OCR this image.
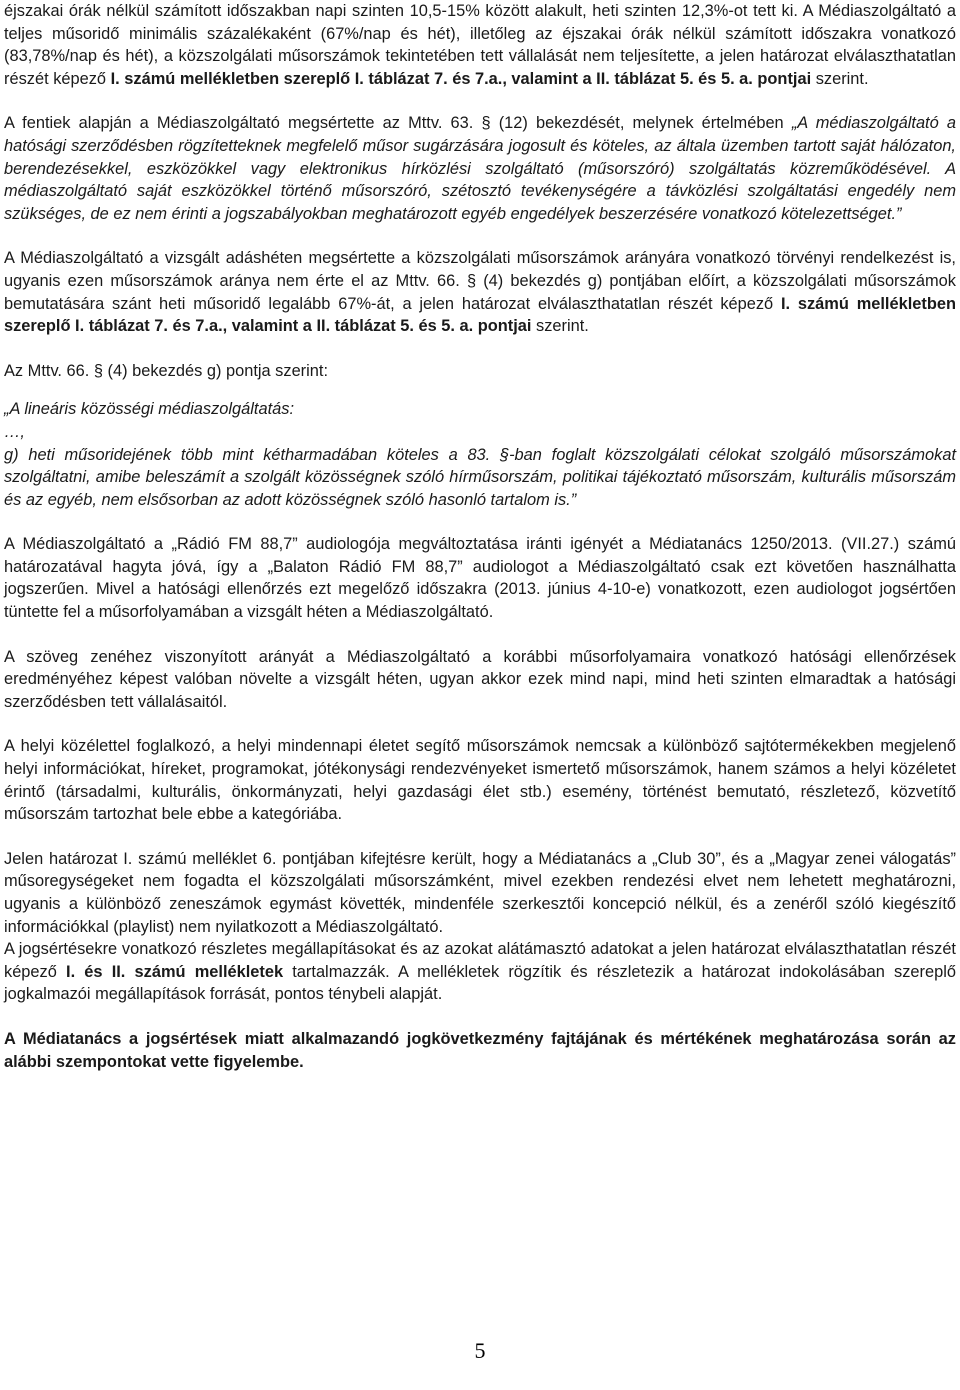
éjszakai órák nélkül számított időszakban napi szinten 10,5-15% között alakult, heti szinten 12,3%-ot tett ki. A Médiaszolgáltató a teljes műsoridő minimális százalékaként (67%/nap és hét), illetőleg az éjszakai órák nélkül számított időszakra vonatkozó (83,78%/nap és hét), a közszolgálati műsorszámok tekintetében tett vállalását nem teljesítette, a jelen határozat elválaszthatatlan részét képező I. számú mellékletben szereplő I. táblázat 7. és 7.a., valamint a II. táblázat 5. és 5. a. pontjai szerint.

A fentiek alapján a Médiaszolgáltató megsértette az Mttv. 63. § (12) bekezdését, melynek értelmében „A médiaszolgáltató a hatósági szerződésben rögzítetteknek megfelelő műsor sugárzására jogosult és köteles, az általa üzemben tartott saját hálózaton, berendezésekkel, eszközökkel vagy elektronikus hírközlési szolgáltató (műsorszóró) szolgáltatás közreműködésével. A médiaszolgáltató saját eszközökkel történő műsorszóró, szétosztó tevékenységére a távközlési szolgáltatási engedély nem szükséges, de ez nem érinti a jogszabályokban meghatározott egyéb engedélyek beszerzésére vonatkozó kötelezettséget.”

A Médiaszolgáltató a vizsgált adáshéten megsértette a közszolgálati műsorszámok arányára vonatkozó törvényi rendelkezést is, ugyanis ezen műsorszámok aránya nem érte el az Mttv. 66. § (4) bekezdés g) pontjában előírt, a közszolgálati műsorszámok bemutatására szánt heti műsoridő legalább 67%-át, a jelen határozat elválaszthatatlan részét képező I. számú mellékletben szereplő I. táblázat 7. és 7.a., valamint a II. táblázat 5. és 5. a. pontjai szerint.

Az Mttv. 66. § (4) bekezdés g) pontja szerint:

„A lineáris közösségi médiaszolgáltatás:

…,

g) heti műsoridejének több mint kétharmadában köteles a 83. §-ban foglalt közszolgálati célokat szolgáló műsorszámokat szolgáltatni, amibe beleszámít a szolgált közösségnek szóló hírműsorszám, politikai tájékoztató műsorszám, kulturális műsorszám és az egyéb, nem elsősorban az adott közösségnek szóló hasonló tartalom is.”

A Médiaszolgáltató a „Rádió FM 88,7” audiologója megváltoztatása iránti igényét a Médiatanács 1250/2013. (VII.27.) számú határozatával hagyta jóvá, így a „Balaton Rádió FM 88,7” audiologot a Médiaszolgáltató csak ezt követően használhatta jogszerűen. Mivel a hatósági ellenőrzés ezt megelőző időszakra (2013. június 4-10-e) vonatkozott, ezen audiologot jogsértően tüntette fel a műsorfolyamában a vizsgált héten a Médiaszolgáltató.

A szöveg zenéhez viszonyított arányát a Médiaszolgáltató a korábbi műsorfolyamaira vonatkozó hatósági ellenőrzések eredményéhez képest valóban növelte a vizsgált héten, ugyan akkor ezek mind napi, mind heti szinten elmaradtak a hatósági szerződésben tett vállalásaitól.

A helyi közélettel foglalkozó, a helyi mindennapi életet segítő műsorszámok nemcsak a különböző sajtótermékekben megjelenő helyi információkat, híreket, programokat, jótékonysági rendezvényeket ismertető műsorszámok, hanem számos a helyi közéletet érintő (társadalmi, kulturális, önkormányzati, helyi gazdasági élet stb.) esemény, történést bemutató, részletező, közvetítő műsorszám tartozhat bele ebbe a kategóriába.

Jelen határozat I. számú melléklet 6. pontjában kifejtésre került, hogy a Médiatanács a „Club 30”, és a „Magyar zenei válogatás” műsoregységeket nem fogadta el közszolgálati műsorszámként, mivel ezekben rendezési elvet nem lehetett meghatározni, ugyanis a különböző zeneszámok egymást követték, mindenféle szerkesztői koncepció nélkül, és a zenéről szóló kiegészítő információkkal (playlist) nem nyilatkozott a Médiaszolgáltató.

A jogsértésekre vonatkozó részletes megállapításokat és az azokat alátámasztó adatokat a jelen határozat elválaszthatatlan részét képező I. és II. számú mellékletek tartalmazzák. A mellékletek rögzítik és részletezik a határozat indokolásában szereplő jogkalmazói megállapítások forrását, pontos ténybeli alapját.

A Médiatanács a jogsértések miatt alkalmazandó jogkövetkezmény fajtájának és mértékének meghatározása során az alábbi szempontokat vette figyelembe.

5
